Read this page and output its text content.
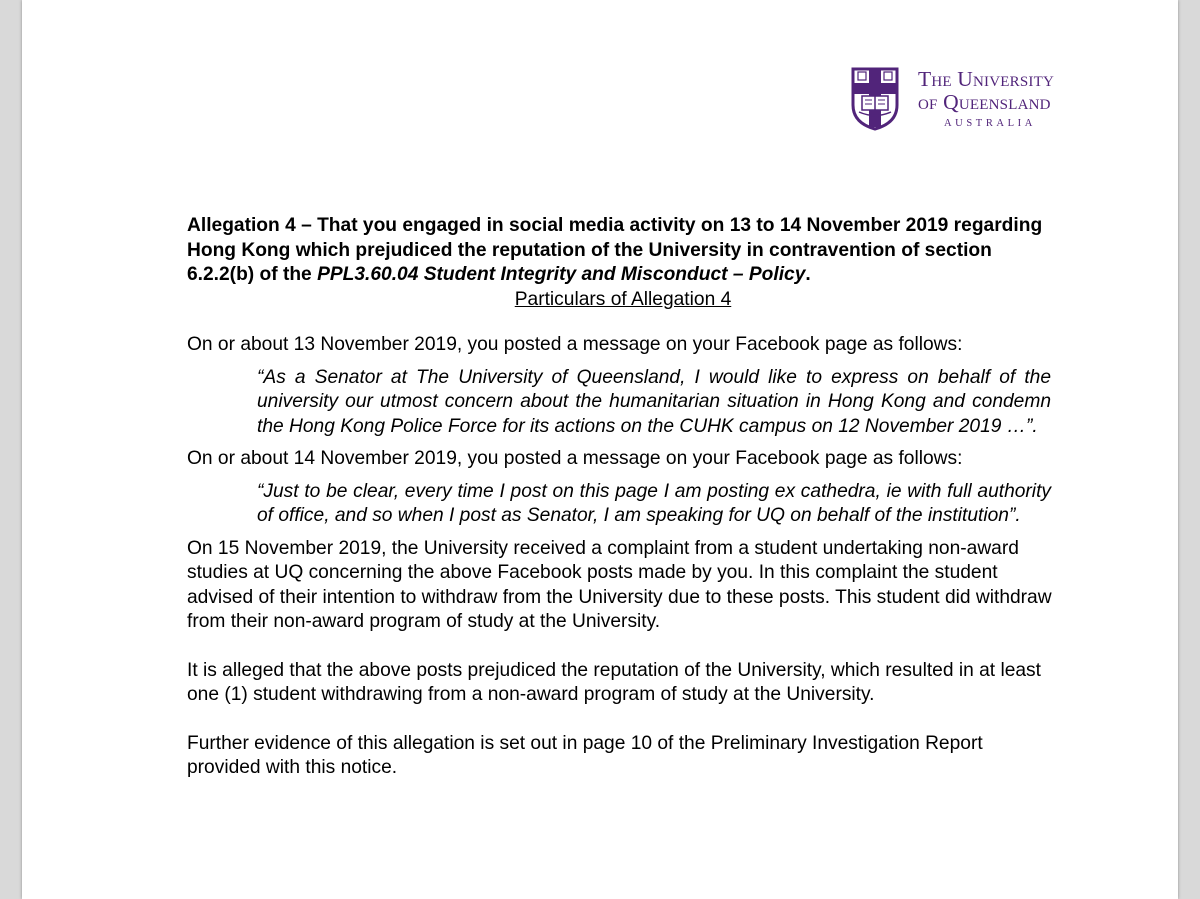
The University
of Queensland
AUSTRALIA

Allegation 4 – That you engaged in social media activity on 13 to 14 November 2019 regarding Hong Kong which prejudiced the reputation of the University in contravention of section 6.2.2(b) of the PPL3.60.04 Student Integrity and Misconduct – Policy.

Particulars of Allegation 4

On or about 13 November 2019, you posted a message on your Facebook page as follows:

“As a Senator at The University of Queensland, I would like to express on behalf of the university our utmost concern about the humanitarian situation in Hong Kong and condemn the Hong Kong Police Force for its actions on the CUHK campus on 12 November 2019 …”.

On or about 14 November 2019, you posted a message on your Facebook page as follows:

“Just to be clear, every time I post on this page I am posting ex cathedra, ie with full authority of office, and so when I post as Senator, I am speaking for UQ on behalf of the institution”.

On 15 November 2019, the University received a complaint from a student undertaking non-award studies at UQ concerning the above Facebook posts made by you. In this complaint the student advised of their intention to withdraw from the University due to these posts. This student did withdraw from their non-award program of study at the University.

It is alleged that the above posts prejudiced the reputation of the University, which resulted in at least one (1) student withdrawing from a non-award program of study at the University.

Further evidence of this allegation is set out in page 10 of the Preliminary Investigation Report provided with this notice.
